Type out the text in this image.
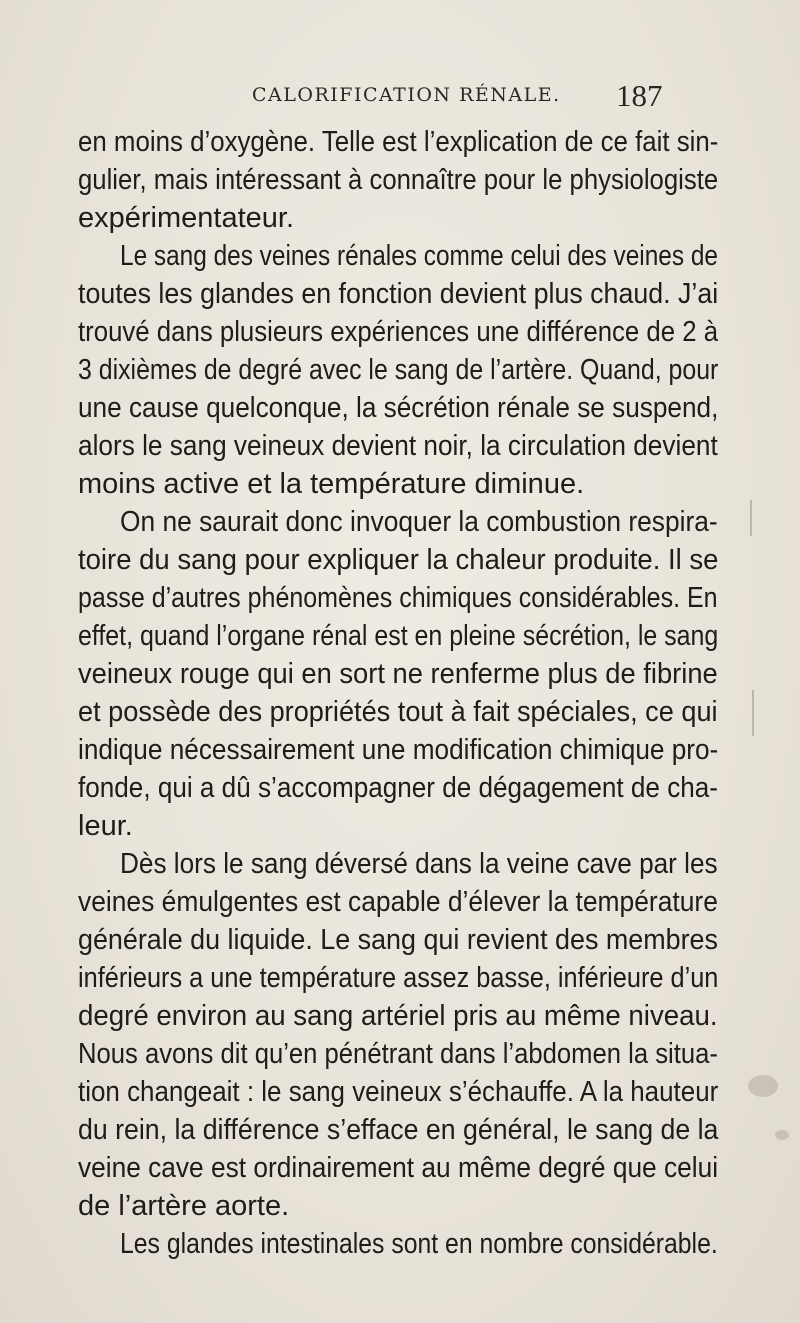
CALORIFICATION RÉNALE. 187
en moins d’oxygène. Telle est l’explication de ce fait sin-
gulier, mais intéressant à connaître pour le physiologiste
expérimentateur.
Le sang des veines rénales comme celui des veines de
toutes les glandes en fonction devient plus chaud. J’ai
trouvé dans plusieurs expériences une différence de 2 à
3 dixièmes de degré avec le sang de l’artère. Quand, pour
une cause quelconque, la sécrétion rénale se suspend,
alors le sang veineux devient noir, la circulation devient
moins active et la température diminue.
On ne saurait donc invoquer la combustion respira-
toire du sang pour expliquer la chaleur produite. Il se
passe d’autres phénomènes chimiques considérables. En
effet, quand l’organe rénal est en pleine sécrétion, le sang
veineux rouge qui en sort ne renferme plus de fibrine
et possède des propriétés tout à fait spéciales, ce qui
indique nécessairement une modification chimique pro-
fonde, qui a dû s’accompagner de dégagement de cha-
leur.
Dès lors le sang déversé dans la veine cave par les
veines émulgentes est capable d’élever la température
générale du liquide. Le sang qui revient des membres
inférieurs a une température assez basse, inférieure d’un
degré environ au sang artériel pris au même niveau.
Nous avons dit qu’en pénétrant dans l’abdomen la situa-
tion changeait : le sang veineux s’échauffe. A la hauteur
du rein, la différence s’efface en général, le sang de la
veine cave est ordinairement au même degré que celui
de l’artère aorte.
Les glandes intestinales sont en nombre considérable.
